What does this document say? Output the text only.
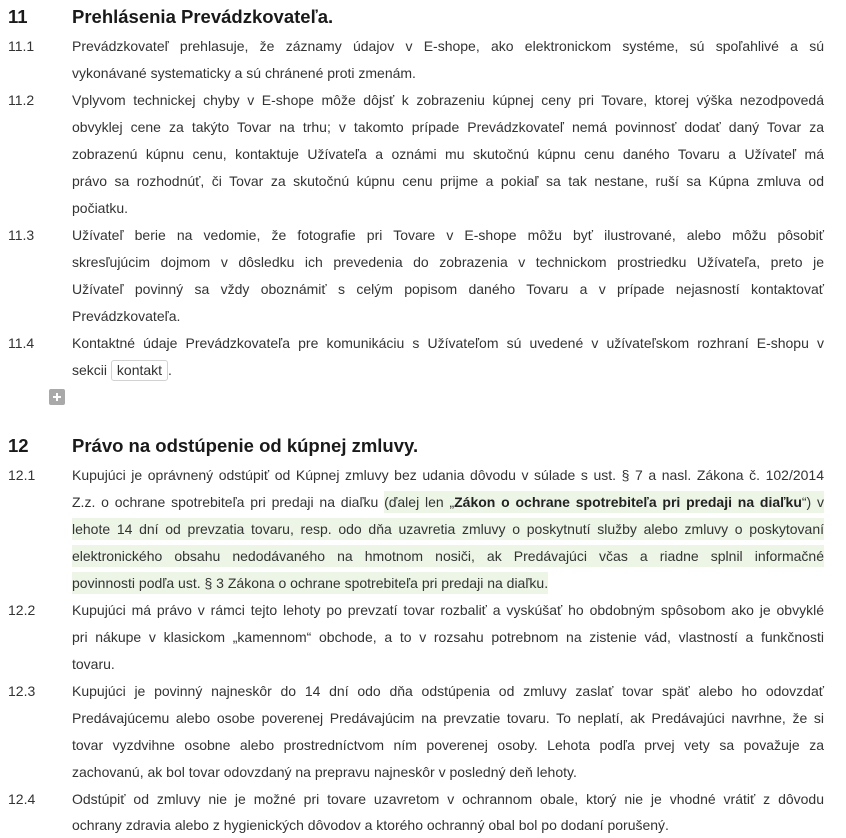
11 Prehlásenia Prevádzkovateľa.
11.1	Prevádzkovateľ prehlasuje, že záznamy údajov v E-shope, ako elektronickom systéme, sú spoľahlivé a sú
vykonávané systematicky a sú chránené proti zmenám.
11.2	Vplyvom technickej chyby v E-shope môže dôjsť k zobrazeniu kúpnej ceny pri Tovare, ktorej výška nezodpovedá
obvyklej cene za takýto Tovar na trhu; v takomto prípade Prevádzkovateľ nemá povinnosť dodať daný Tovar za
zobrazenú kúpnu cenu, kontaktuje Užívateľa a oznámi mu skutočnú kúpnu cenu daného Tovaru a Užívateľ má
právo sa rozhodnúť, či Tovar za skutočnú kúpnu cenu prijme a pokiaľ sa tak nestane, ruší sa Kúpna zmluva od
počiatku.
11.3	Užívateľ berie na vedomie, že fotografie pri Tovare v E-shope môžu byť ilustrované, alebo môžu pôsobiť
skresľujúcim dojmom v dôsledku ich prevedenia do zobrazenia v technickom prostriedku Užívateľa, preto je
Užívateľ povinný sa vždy oboznámiť s celým popisom daného Tovaru a v prípade nejasností kontaktovať
Prevádzkovateľa.
11.4	Kontaktné údaje Prevádzkovateľa pre komunikáciu s Užívateľom sú uvedené v užívateľskom rozhraní E-shopu v
sekcii kontakt .
12 Právo na odstúpenie od kúpnej zmluvy.
12.1	Kupujúci je oprávnený odstúpiť od Kúpnej zmluvy bez udania dôvodu v súlade s ust. § 7 a nasl. Zákona č. 102/2014
Z.z. o ochrane spotrebiteľa pri predaji na diaľku (ďalej len „Zákon o ochrane spotrebiteľa pri predaji na diaľku“) v
lehote 14 dní od prevzatia tovaru, resp. odo dňa uzavretia zmluvy o poskytnutí služby alebo zmluvy o poskytovaní
elektronického obsahu nedodávaného na hmotnom nosiči, ak Predávajúci včas a riadne splnil informačné
povinnosti podľa ust. § 3 Zákona o ochrane spotrebiteľa pri predaji na diaľku.
12.2	Kupujúci má právo v rámci tejto lehoty po prevzatí tovar rozbaliť a vyskúšať ho obdobným spôsobom ako je obvyklé
pri nákupe v klasickom „kamennom“ obchode, a to v rozsahu potrebnom na zistenie vád, vlastností a funkčnosti
tovaru.
12.3	Kupujúci je povinný najneskôr do 14 dní odo dňa odstúpenia od zmluvy zaslať tovar späť alebo ho odovzdať
Predávajúcemu alebo osobe poverenej Predávajúcim na prevzatie tovaru. To neplatí, ak Predávajúci navrhne, že si
tovar vyzdvihne osobne alebo prostredníctvom ním poverenej osoby. Lehota podľa prvej vety sa považuje za
zachovanú, ak bol tovar odovzdaný na prepravu najneskôr v posledný deň lehoty.
12.4	Odstúpiť od zmluvy nie je možné pri tovare uzavretom v ochrannom obale, ktorý nie je vhodné vrátiť z dôvodu
ochrany zdravia alebo z hygienických dôvodov a ktorého ochranný obal bol po dodaní porušený.
